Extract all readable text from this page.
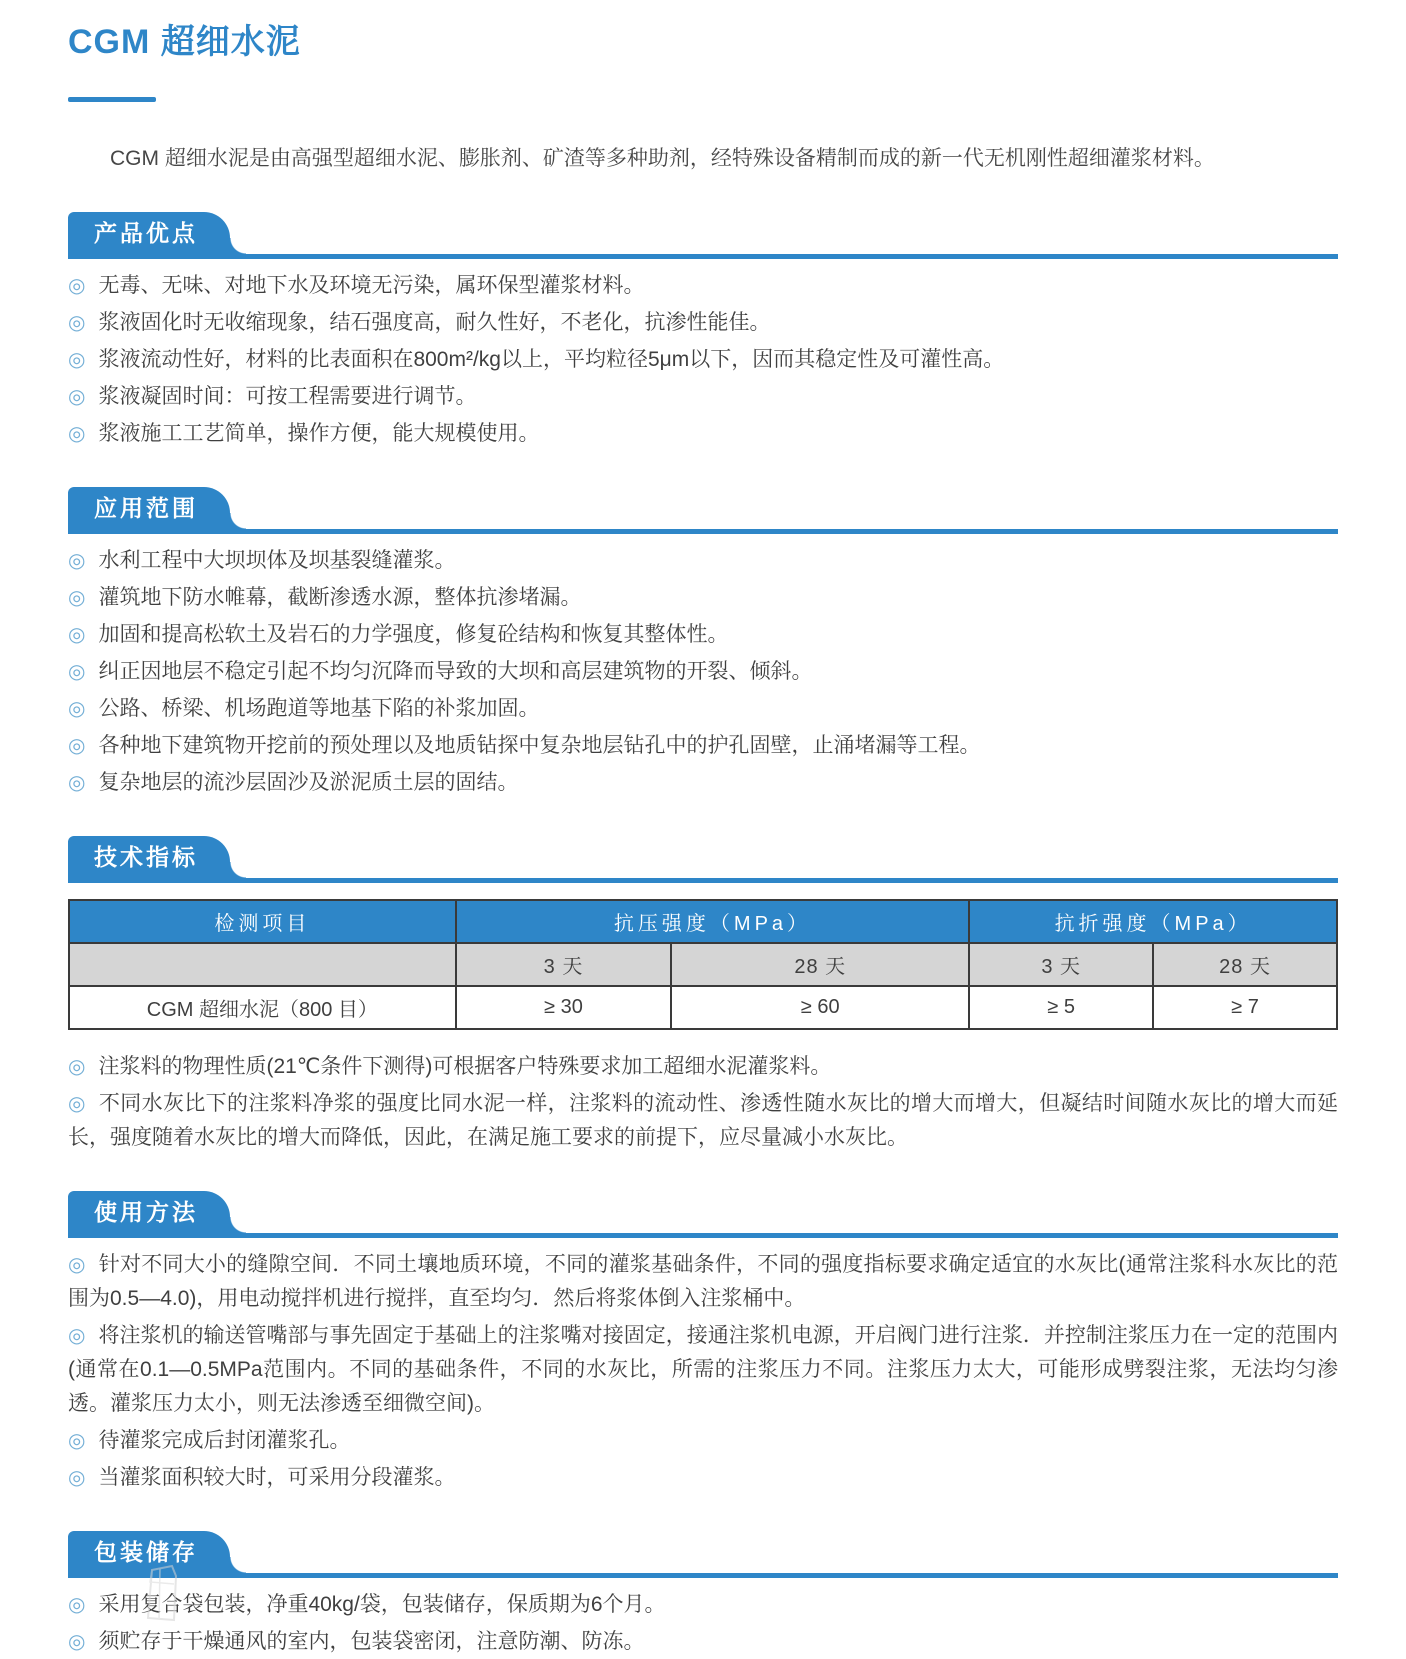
CGM 超细水泥

CGM 超细水泥是由高强型超细水泥、膨胀剂、矿渣等多种助剂，经特殊设备精制而成的新一代无机刚性超细灌浆材料。

产品优点

◎ 无毒、无味、对地下水及环境无污染，属环保型灌浆材料。

◎ 浆液固化时无收缩现象，结石强度高，耐久性好，不老化，抗渗性能佳。

◎ 浆液流动性好，材料的比表面积在800m²/kg以上，平均粒径5μm以下，因而其稳定性及可灌性高。

◎ 浆液凝固时间：可按工程需要进行调节。

◎ 浆液施工工艺简单，操作方便，能大规模使用。

应用范围

◎ 水利工程中大坝坝体及坝基裂缝灌浆。

◎ 灌筑地下防水帷幕，截断渗透水源，整体抗渗堵漏。

◎ 加固和提高松软土及岩石的力学强度，修复砼结构和恢复其整体性。

◎ 纠正因地层不稳定引起不均匀沉降而导致的大坝和高层建筑物的开裂、倾斜。

◎ 公路、桥梁、机场跑道等地基下陷的补浆加固。

◎ 各种地下建筑物开挖前的预处理以及地质钻探中复杂地层钻孔中的护孔固壁，止涌堵漏等工程。

◎ 复杂地层的流沙层固沙及淤泥质土层的固结。

技术指标
检测项目	抗压强度（MPa）		抗折强度（MPa）	
	3 天	28 天	3 天	28 天
CGM 超细水泥（800 目）	≥ 30	≥ 60	≥ 5	≥ 7

◎ 注浆料的物理性质(21℃条件下测得)可根据客户特殊要求加工超细水泥灌浆料。

◎ 不同水灰比下的注浆料净浆的强度比同水泥一样，注浆料的流动性、渗透性随水灰比的增大而增大，但凝结时间随水灰比的增大而延长，强度随着水灰比的增大而降低，因此，在满足施工要求的前提下，应尽量减小水灰比。

使用方法

◎ 针对不同大小的缝隙空间．不同土壤地质环境，不同的灌浆基础条件，不同的强度指标要求确定适宜的水灰比(通常注浆科水灰比的范围为0.5—4.0)，用电动搅拌机进行搅拌，直至均匀．然后将浆体倒入注浆桶中。

◎ 将注浆机的输送管嘴部与事先固定于基础上的注浆嘴对接固定，接通注浆机电源，开启阀门进行注浆．并控制注浆压力在一定的范围内(通常在0.1—0.5MPa范围内。不同的基础条件，不同的水灰比，所需的注浆压力不同。注浆压力太大，可能形成劈裂注浆，无法均匀渗透。灌浆压力太小，则无法渗透至细微空间)。

◎ 待灌浆完成后封闭灌浆孔。

◎ 当灌浆面积较大时，可采用分段灌浆。

包装储存

◎ 采用复合袋包装，净重40kg/袋，包装储存，保质期为6个月。

◎ 须贮存于干燥通风的室内，包装袋密闭，注意防潮、防冻。
